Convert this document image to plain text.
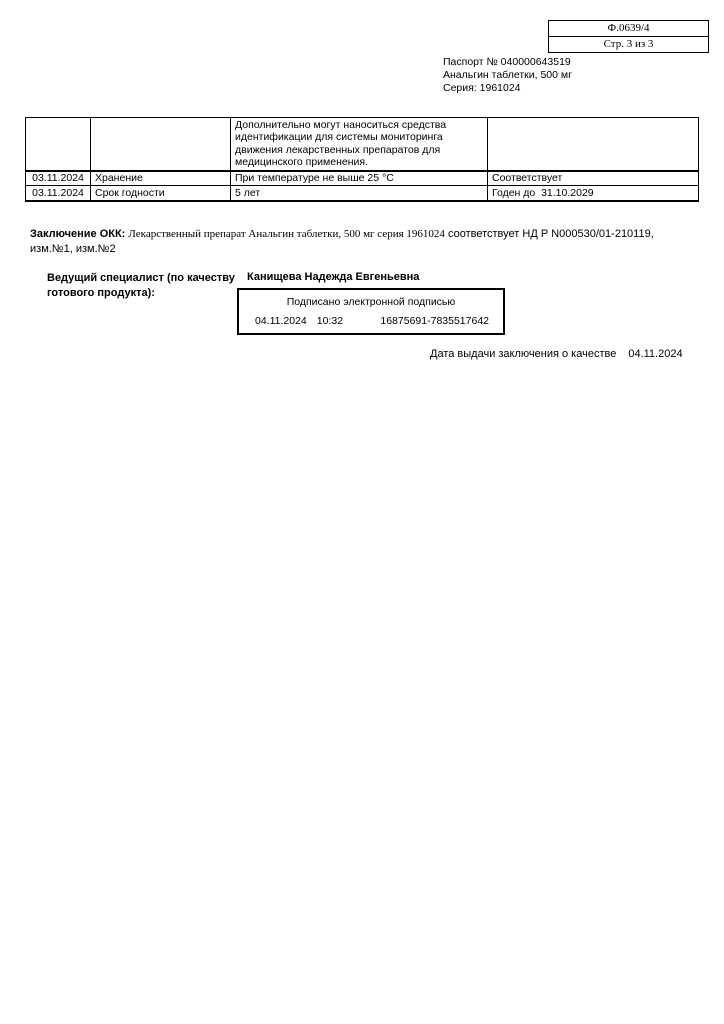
Ф.0639/4
Стр. 3 из 3
Паспорт № 040000643519
Анальгин таблетки, 500 мг
Серия: 1961024
		Дополнительно могут наноситься средства идентификации для системы мониторинга движения лекарственных препаратов для медицинского применения.	
03.11.2024	Хранение	При температуре не выше 25 °С	Соответствует
03.11.2024	Срок годности	5 лет	Годен до  31.10.2029
Заключение ОКК: Лекарственный препарат Анальгин таблетки, 500 мг серия 1961024 соответствует НД Р N000530/01-210119,
изм.№1, изм.№2
Ведущий специалист (по качеству
готового продукта):
Канищева Надежда Евгеньевна
Подписано электронной подписью
04.11.2024 10:32	16875691-7835517642
Дата выдачи заключения о качестве 04.11.2024
